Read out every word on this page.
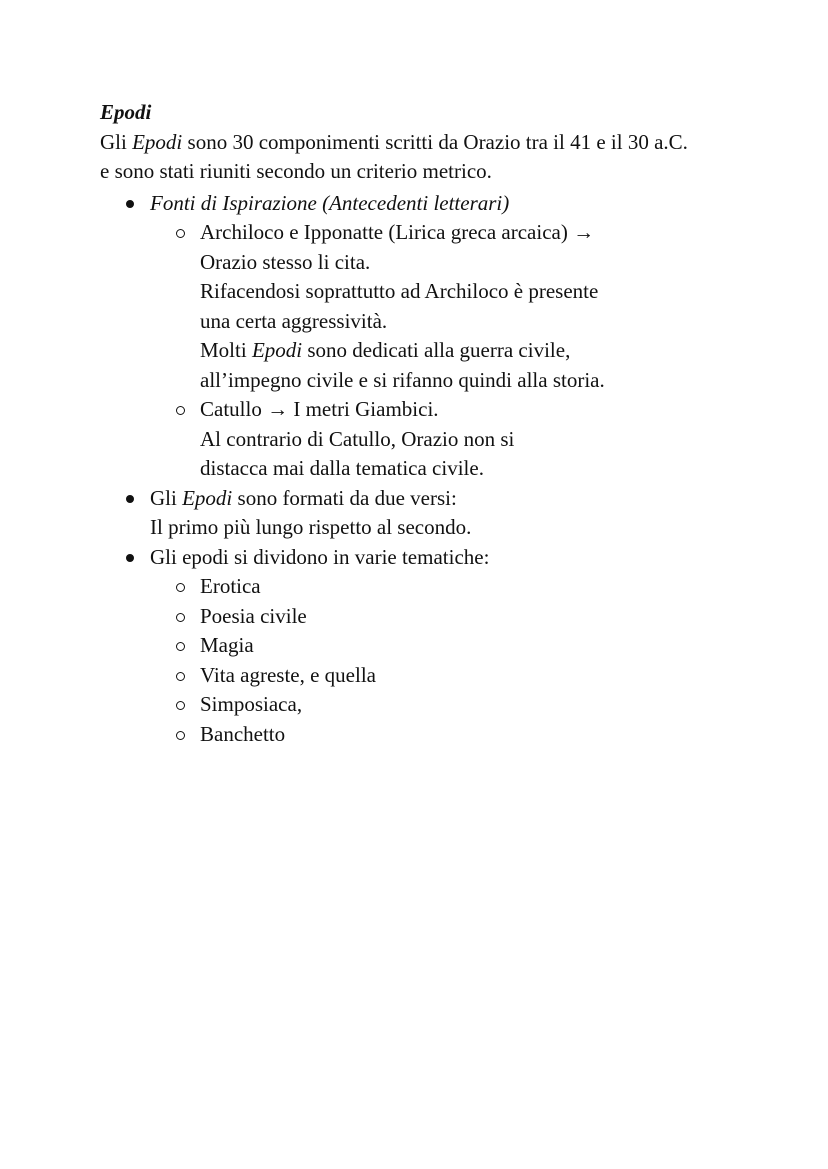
Epodi
Gli Epodi sono 30 componimenti scritti da Orazio tra il 41 e il 30 a.C.
e sono stati riuniti secondo un criterio metrico.
Fonti di Ispirazione (Antecedenti letterari)
Archiloco e Ipponatte (Lirica greca arcaica) →
Orazio stesso li cita.
Rifacendosi soprattutto ad Archiloco è presente
una certa aggressività.
Molti Epodi sono dedicati alla guerra civile,
all’impegno civile e si rifanno quindi alla storia.
Catullo → I metri Giambici.
Al contrario di Catullo, Orazio non si
distacca mai dalla tematica civile.
Gli Epodi sono formati da due versi:
Il primo più lungo rispetto al secondo.
Gli epodi si dividono in varie tematiche:
Erotica
Poesia civile
Magia
Vita agreste, e quella
Simposiaca,
Banchetto
